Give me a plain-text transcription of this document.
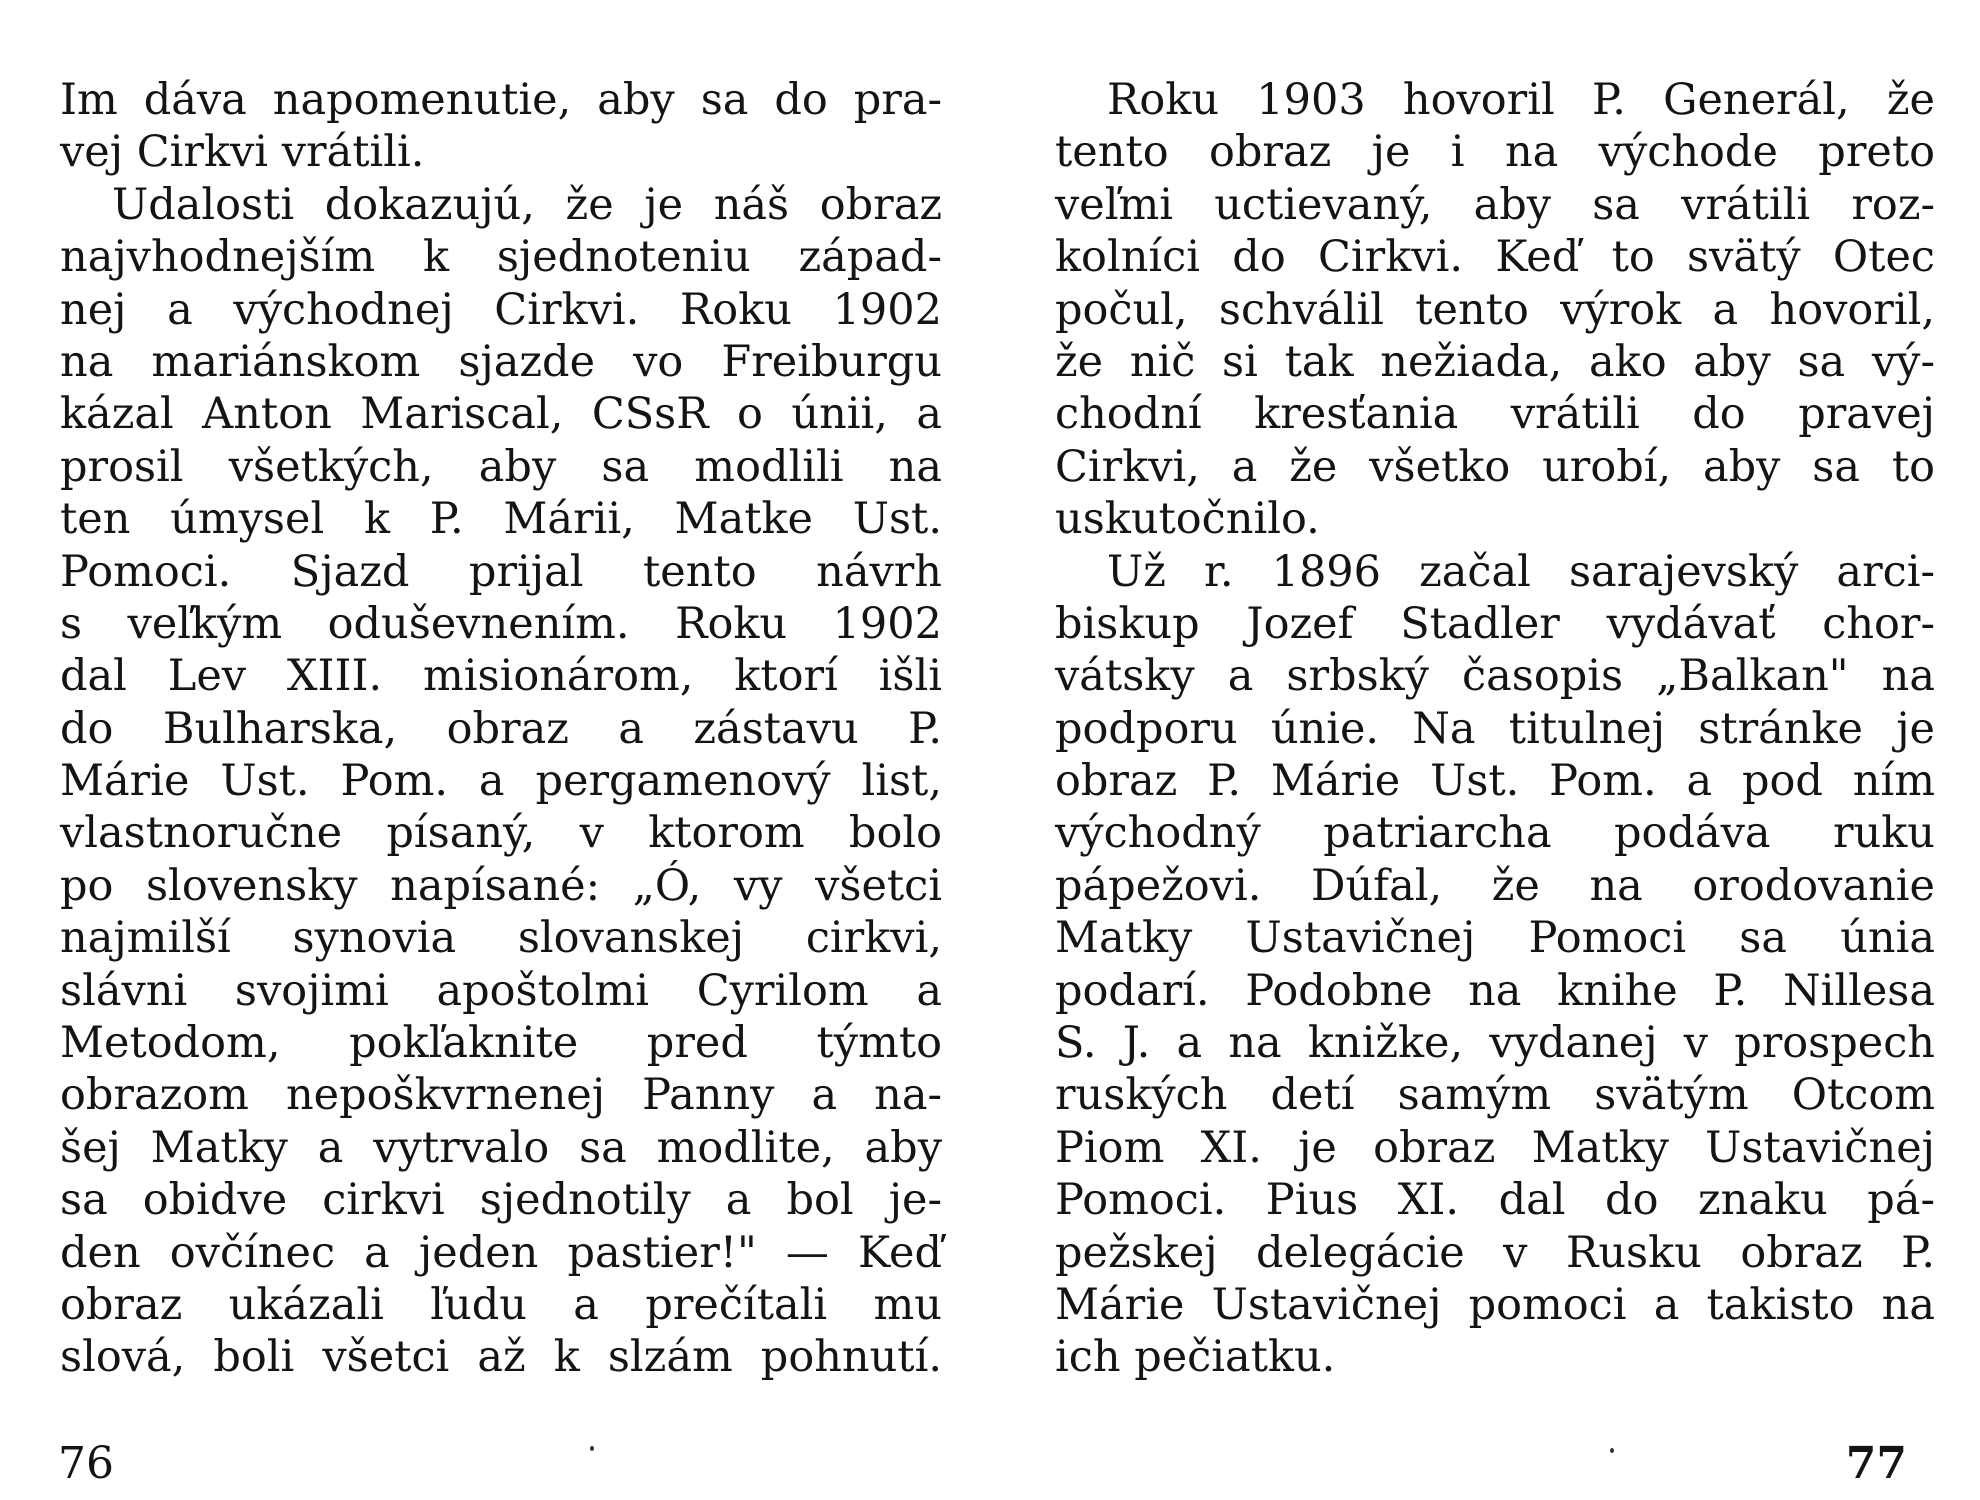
Im dáva napomenutie, aby sa do pra-
vej Cirkvi vrátili.
Udalosti dokazujú, že je náš obraz
najvhodnejším k sjednoteniu západ-
nej a východnej Cirkvi. Roku 1902
na mariánskom sjazde vo Freiburgu
kázal Anton Mariscal, CSsR o únii, a
prosil všetkých, aby sa modlili na
ten úmysel k P. Márii, Matke Ust.
Pomoci. Sjazd prijal tento návrh
s veľkým oduševnením. Roku 1902
dal Lev XIII. misionárom, ktorí išli
do Bulharska, obraz a zástavu P.
Márie Ust. Pom. a pergamenový list,
vlastnoručne písaný, v ktorom bolo
po slovensky napísané: „Ó, vy všetci
najmilší synovia slovanskej cirkvi,
slávni svojimi apoštolmi Cyrilom a
Metodom, pokľaknite pred týmto
obrazom nepoškvrnenej Panny a na-
šej Matky a vytrvalo sa modlite, aby
sa obidve cirkvi sjednotily a bol je-
den ovčínec a jeden pastier!" — Keď
obraz ukázali ľudu a prečítali mu
slová, boli všetci až k slzám pohnutí.
76
Roku 1903 hovoril P. Generál, že
tento obraz je i na východe preto
veľmi uctievaný, aby sa vrátili roz-
kolníci do Cirkvi. Keď to svätý Otec
počul, schválil tento výrok a hovoril,
že nič si tak nežiada, ako aby sa vý-
chodní kresťania vrátili do pravej
Cirkvi, a že všetko urobí, aby sa to
uskutočnilo.
Už r. 1896 začal sarajevský arci-
biskup Jozef Stadler vydávať chor-
vátsky a srbský časopis „Balkan" na
podporu únie. Na titulnej stránke je
obraz P. Márie Ust. Pom. a pod ním
východný patriarcha podáva ruku
pápežovi. Dúfal, že na orodovanie
Matky Ustavičnej Pomoci sa únia
podarí. Podobne na knihe P. Nillesa
S. J. a na knižke, vydanej v prospech
ruských detí samým svätým Otcom
Piom XI. je obraz Matky Ustavičnej
Pomoci. Pius XI. dal do znaku pá-
pežskej delegácie v Rusku obraz P.
Márie Ustavičnej pomoci a takisto na
ich pečiatku.
77
